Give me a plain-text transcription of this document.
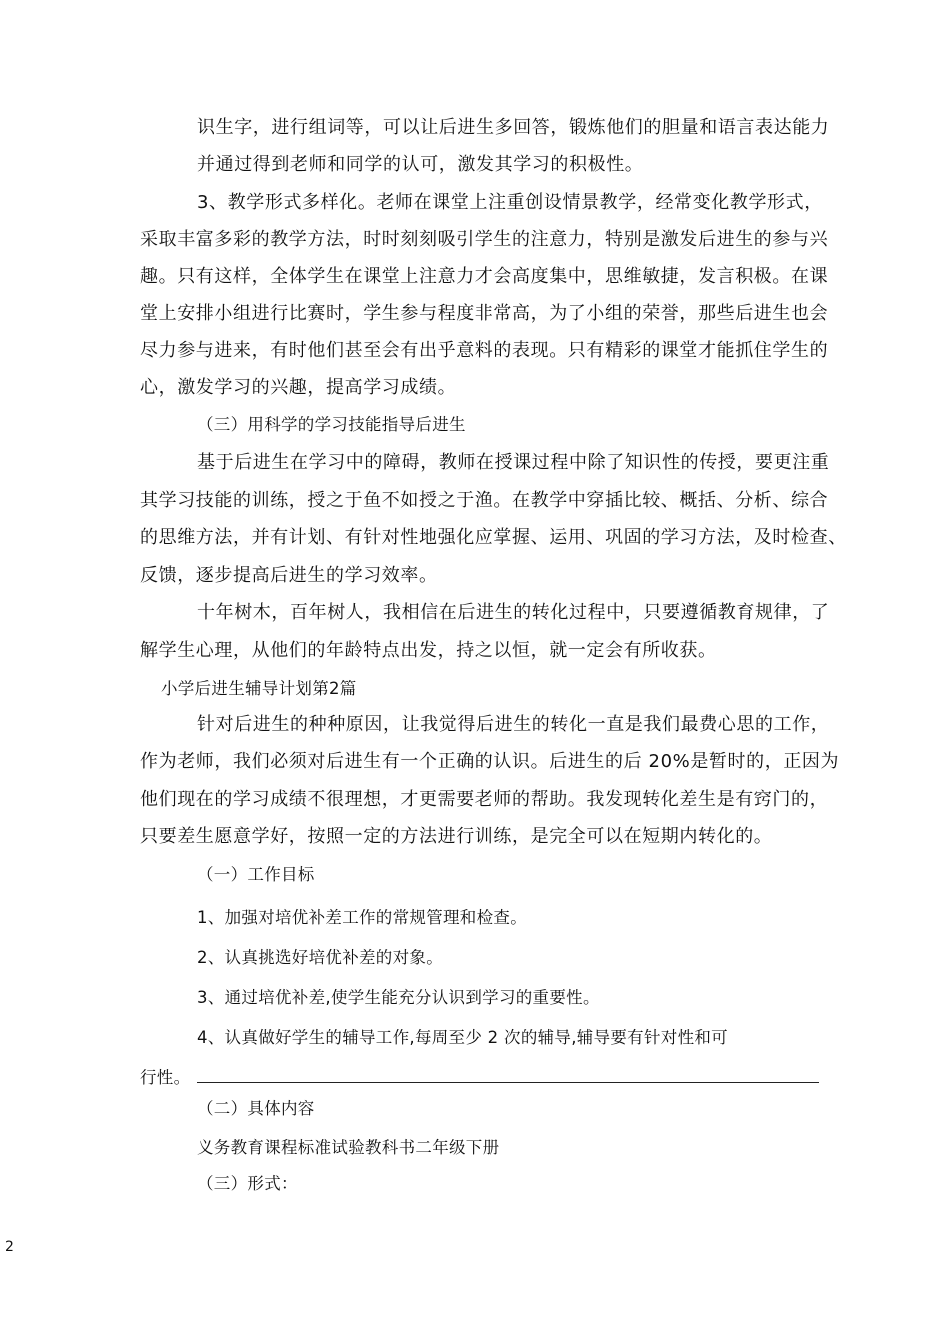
识生字，进行组词等，可以让后进生多回答，锻炼他们的胆量和语言表达能力
并通过得到老师和同学的认可，激发其学习的积极性。
3、教学形式多样化。老师在课堂上注重创设情景教学，经常变化教学形式，
采取丰富多彩的教学方法，时时刻刻吸引学生的注意力，特别是激发后进生的参与兴
趣。只有这样，全体学生在课堂上注意力才会高度集中，思维敏捷，发言积极。在课
堂上安排小组进行比赛时，学生参与程度非常高，为了小组的荣誉，那些后进生也会
尽力参与进来，有时他们甚至会有出乎意料的表现。只有精彩的课堂才能抓住学生的
心，激发学习的兴趣，提高学习成绩。
（三）用科学的学习技能指导后进生
基于后进生在学习中的障碍，教师在授课过程中除了知识性的传授，要更注重
其学习技能的训练，授之于鱼不如授之于渔。在教学中穿插比较、概括、分析、综合
的思维方法，并有计划、有针对性地强化应掌握、运用、巩固的学习方法，及时检查、
反馈，逐步提高后进生的学习效率。
十年树木，百年树人，我相信在后进生的转化过程中，只要遵循教育规律，了
解学生心理，从他们的年龄特点出发，持之以恒，就一定会有所收获。
小学后进生辅导计划第2篇
针对后进生的种种原因，让我觉得后进生的转化一直是我们最费心思的工作，
作为老师，我们必须对后进生有一个正确的认识。后进生的后 20%是暂时的，正因为
他们现在的学习成绩不很理想，才更需要老师的帮助。我发现转化差生是有窍门的，
只要差生愿意学好，按照一定的方法进行训练，是完全可以在短期内转化的。
（一）工作目标
1、加强对培优补差工作的常规管理和检查。
2、认真挑选好培优补差的对象。
3、通过培优补差,使学生能充分认识到学习的重要性。
4、认真做好学生的辅导工作,每周至少 2 次的辅导,辅导要有针对性和可
行性。
（二）具体内容
义务教育课程标准试验教科书二年级下册
（三）形式：
2
